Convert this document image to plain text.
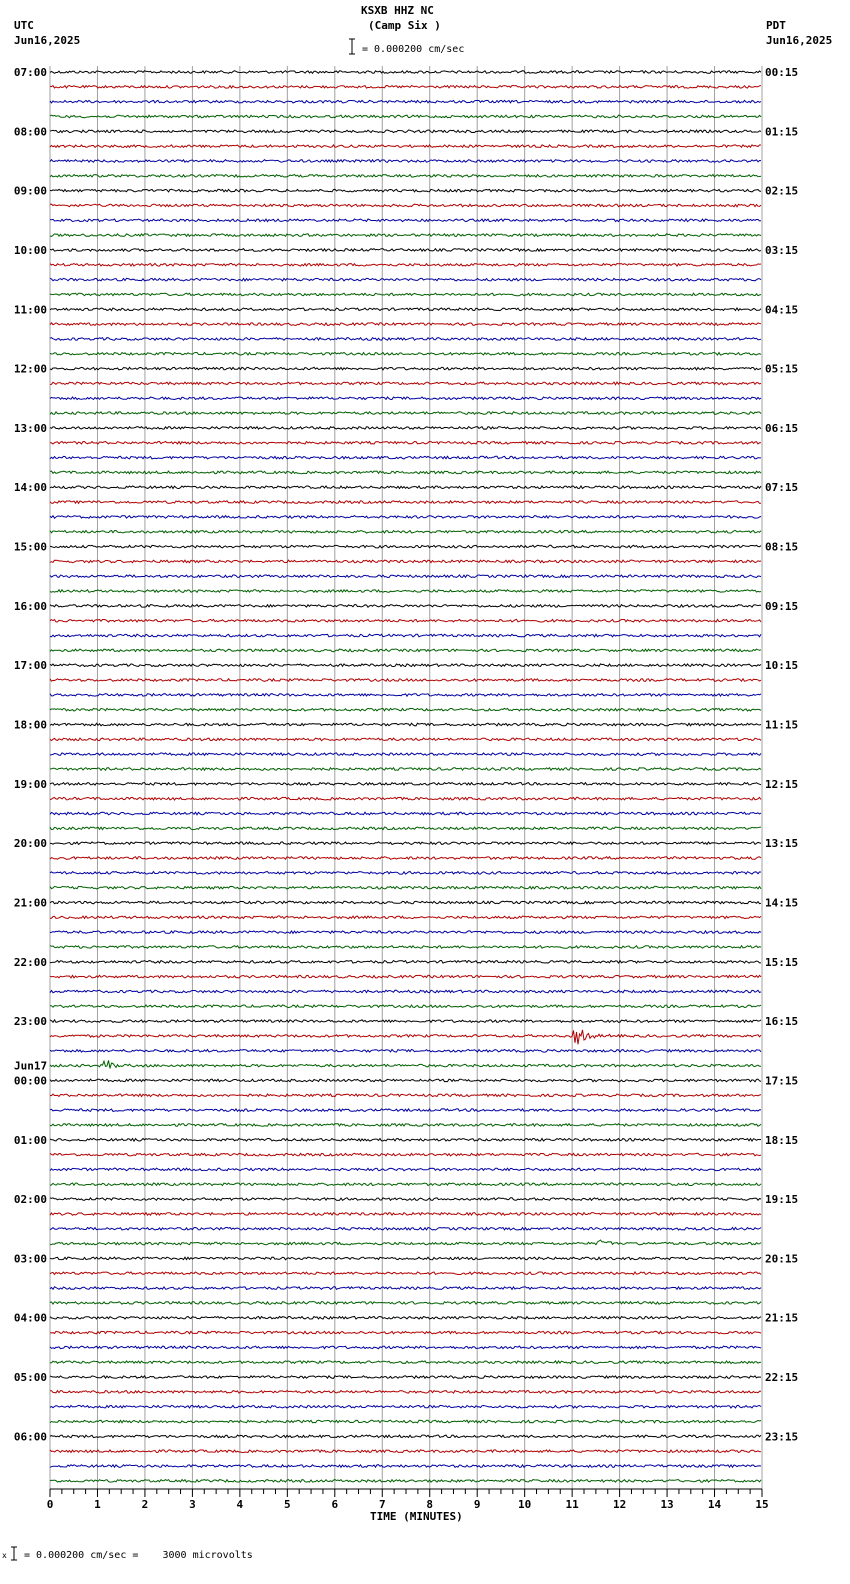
0	1	2	3	4	5	6	7	8	9	10	11	12	13	14	15
07:00
08:00
09:00
10:00
11:00
12:00
13:00
14:00
15:00
16:00
17:00
18:00
19:00
20:00
21:00
22:00
23:00
00:00
Jun17
01:00
02:00
03:00
04:00
05:00
06:00
00:15
01:15
02:15
03:15
04:15
05:15
06:15
07:15
08:15
09:15
10:15
11:15
12:15
13:15
14:15
15:15
16:15
17:15
18:15
19:15
20:15
21:15
22:15
23:15
KSXB HHZ NC
(Camp Six )
= 0.000200 cm/sec
UTC
Jun16,2025
PDT
Jun16,2025
TIME (MINUTES)
x = 0.000200 cm/sec =    3000 microvolts
